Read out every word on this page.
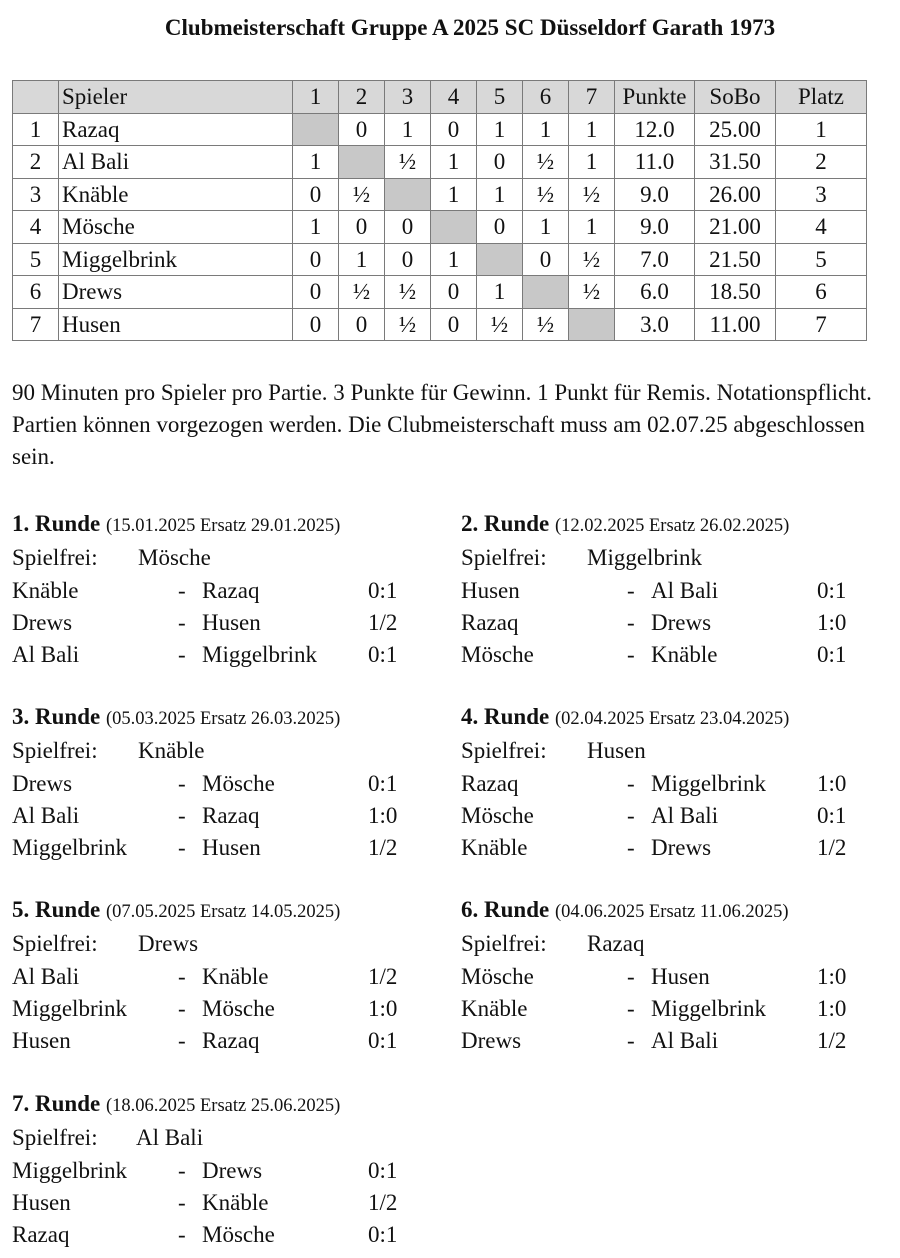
Clubmeisterschaft Gruppe A 2025 SC Düsseldorf Garath 1973
	Spieler	1	2	3	4	5	6	7	Punkte	SoBo	Platz
1	Razaq		0	1	0	1	1	1	12.0	25.00	1
2	Al Bali	1		½	1	0	½	1	11.0	31.50	2
3	Knäble	0	½		1	1	½	½	9.0	26.00	3
4	Mösche	1	0	0		0	1	1	9.0	21.00	4
5	Miggelbrink	0	1	0	1		0	½	7.0	21.50	5
6	Drews	0	½	½	0	1		½	6.0	18.50	6
7	Husen	0	0	½	0	½	½		3.0	11.00	7
90 Minuten pro Spieler pro Partie. 3 Punkte für Gewinn. 1 Punkt für Remis. Notationspflicht. Partien können vorgezogen werden. Die Clubmeisterschaft muss am 02.07.25 abgeschlossen sein.
1. Runde (15.01.2025 Ersatz 29.01.2025)
Spielfrei: Mösche
Knäble	- Razaq	0:1
Drews	- Husen	1/2
Al Bali	- Miggelbrink 0:1
2. Runde (12.02.2025 Ersatz 26.02.2025)
Spielfrei: Miggelbrink
Husen	- Al Bali	0:1
Razaq	- Drews	1:0
Mösche	- Knäble	0:1
3. Runde (05.03.2025 Ersatz 26.03.2025)
Spielfrei: Knäble
Drews	- Mösche	0:1
Al Bali	- Razaq	1:0
Miggelbrink - Husen	1/2
4. Runde (02.04.2025 Ersatz 23.04.2025)
Spielfrei: Husen
Razaq	- Miggelbrink 1:0
Mösche	- Al Bali	0:1
Knäble	- Drews	1/2
5. Runde (07.05.2025 Ersatz 14.05.2025)
Spielfrei: Drews
Al Bali	- Knäble	1/2
Miggelbrink - Mösche	1:0
Husen	- Razaq	0:1
6. Runde (04.06.2025 Ersatz 11.06.2025)
Spielfrei: Razaq
Mösche	- Husen	1:0
Knäble	- Miggelbrink 1:0
Drews	- Al Bali	1/2
7. Runde (18.06.2025 Ersatz 25.06.2025)
Spielfrei: Al Bali
Miggelbrink - Drews	0:1
Husen	- Knäble	1/2
Razaq	- Mösche	0:1
